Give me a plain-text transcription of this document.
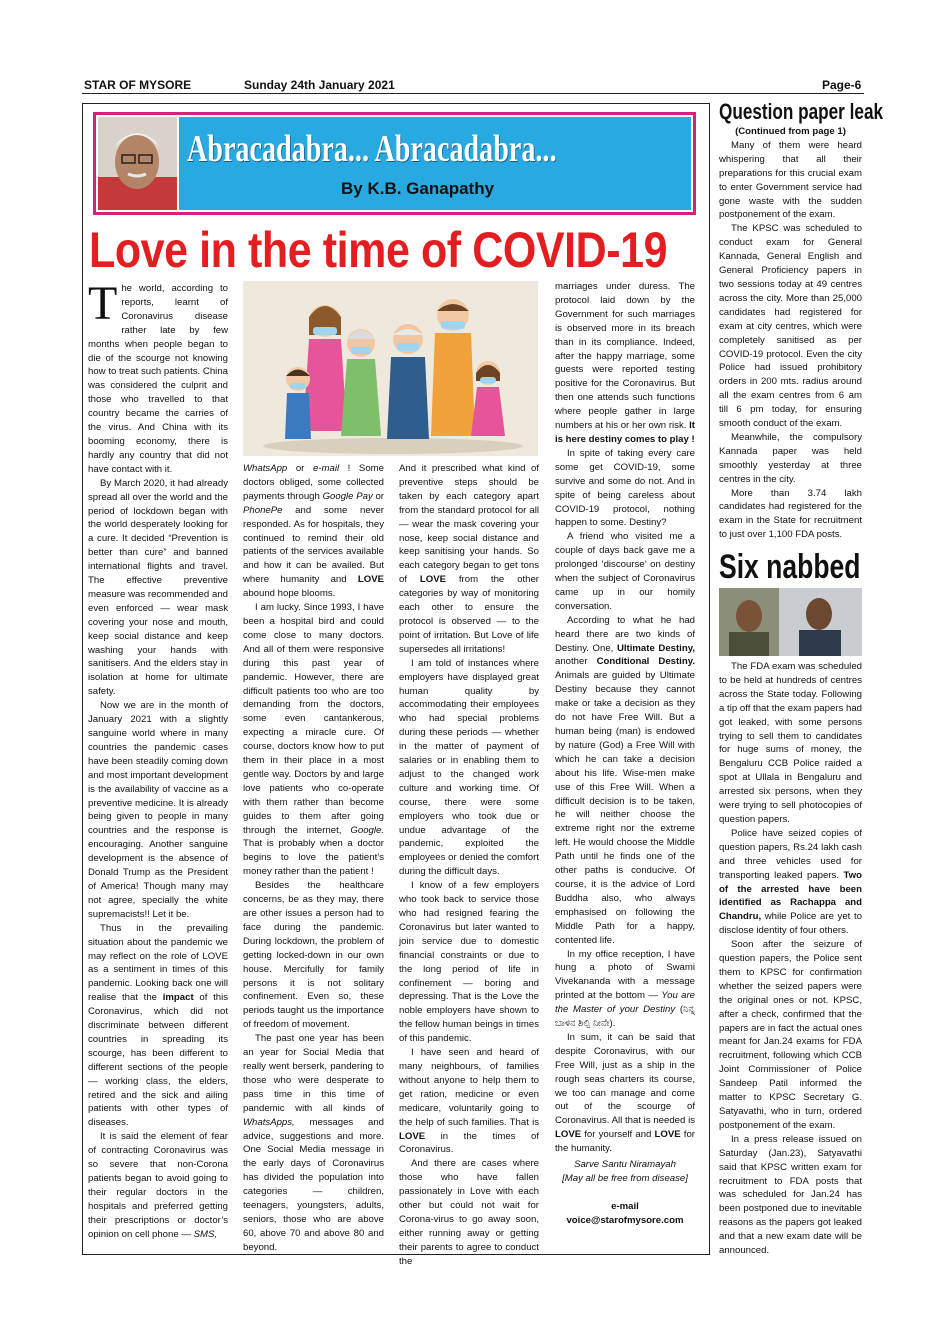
STAR OF MYSORE	Sunday 24th January 2021	Page-6
Abracadabra... Abracadabra...
By K.B. Ganapathy
Love in the time of COVID-19

The world, according to reports, learnt of Coronavirus disease rather late by few months when people began to die of the scourge not knowing how to treat such patients. China was considered the culprit and those who travelled to that country became the carries of the virus. And China with its booming economy, there is hardly any country that did not have contact with it.

By March 2020, it had already spread all over the world and the period of lockdown began with the world desperately looking for a cure. It decided “Prevention is better than cure” and banned international flights and travel. The effective preventive measure was recommended and even enforced — wear mask covering your nose and mouth, keep social distance and keep washing your hands with sanitisers. And the elders stay in isolation at home for ultimate safety.

Now we are in the month of January 2021 with a slightly sanguine world where in many countries the pandemic cases have been steadily coming down and most important development is the availability of vaccine as a preventive medicine. It is already being given to people in many countries and the response is encouraging. Another sanguine development is the absence of Donald Trump as the President of America! Though many may not agree, specially the white supremacists!! Let it be.

Thus in the prevailing situation about the pandemic we may reflect on the role of LOVE as a sentiment in times of this pandemic. Looking back one will realise that the impact of this Coronavirus, which did not discriminate between different countries in spreading its scourge, has been different to different sections of the people — working class, the elders, retired and the sick and ailing patients with other types of diseases.

It is said the element of fear of contracting Coronavirus was so severe that non-Corona patients began to avoid going to their regular doctors in the hospitals and preferred getting their prescriptions or doctor’s opinion on cell phone — SMS,

WhatsApp or e-mail ! Some doctors obliged, some collected payments through Google Pay or PhonePe and some never responded. As for hospitals, they continued to remind their old patients of the services available and how it can be availed. But where humanity and LOVE abound hope blooms.

I am lucky. Since 1993, I have been a hospital bird and could come close to many doctors. And all of them were responsive during this past year of pandemic. However, there are difficult patients too who are too demanding from the doctors, some even cantankerous, expecting a miracle cure. Of course, doctors know how to put them in their place in a most gentle way. Doctors by and large love patients who co-operate with them rather than become guides to them after going through the internet, Google. That is probably when a doctor begins to love the patient’s money rather than the patient !

Besides the healthcare concerns, be as they may, there are other issues a person had to face during the pandemic. During lockdown, the problem of getting locked-down in our own house. Mercifully for family persons it is not solitary confinement. Even so, these periods taught us the importance of freedom of movement.

The past one year has been an year for Social Media that really went berserk, pandering to those who were desperate to pass time in this time of pandemic with all kinds of WhatsApps, messages and advice, suggestions and more. One Social Media message in the early days of Coronavirus has divided the population into categories — children, teenagers, youngsters, adults, seniors, those who are above 60, above 70 and above 80 and beyond.

And it prescribed what kind of preventive steps should be taken by each category apart from the standard protocol for all — wear the mask covering your nose, keep social distance and keep sanitising your hands. So each category began to get tons of LOVE from the other categories by way of monitoring each other to ensure the protocol is observed — to the point of irritation. But Love of life supersedes all irritations!

I am told of instances where employers have displayed great human quality by accommodating their employees who had special problems during these periods — whether in the matter of payment of salaries or in enabling them to adjust to the changed work culture and working time. Of course, there were some employers who took due or undue advantage of the pandemic, exploited the employees or denied the comfort during the difficult days.

I know of a few employers who took back to service those who had resigned fearing the Coronavirus but later wanted to join service due to domestic financial constraints or due to the long period of life in confinement — boring and depressing. That is the Love the noble employers have shown to the fellow human beings in times of this pandemic.

I have seen and heard of many neighbours, of families without anyone to help them to get ration, medicine or even medicare, voluntarily going to the help of such families. That is LOVE in the times of Coronavirus.

And there are cases where those who have fallen passionately in Love with each other but could not wait for Corona-virus to go away soon, either running away or getting their parents to agree to conduct the

marriages under duress. The protocol laid down by the Government for such marriages is observed more in its breach than in its compliance. Indeed, after the happy marriage, some guests were reported testing positive for the Coronavirus. But then one attends such functions where people gather in large numbers at his or her own risk. It is here destiny comes to play !

In spite of taking every care some get COVID-19, some survive and some do not. And in spite of being careless about COVID-19 protocol, nothing happen to some. Destiny?

A friend who visited me a couple of days back gave me a prolonged ‘discourse’ on destiny when the subject of Coronavirus came up in our homily conversation.

According to what he had heard there are two kinds of Destiny. One, Ultimate Destiny, another Conditional Destiny. Animals are guided by Ultimate Destiny because they cannot make or take a decision as they do not have Free Will. But a human being (man) is endowed by nature (God) a Free Will with which he can take a decision about his life. Wise-men make use of this Free Will. When a difficult decision is to be taken, he will neither choose the extreme right nor the extreme left. He would choose the Middle Path until he finds one of the other paths is conducive. Of course, it is the advice of Lord Buddha also, who always emphasised on following the Middle Path for a happy, contented life.

In my office reception, I have hung a photo of Swami Vivekananda with a message printed at the bottom — You are the Master of your Destiny (ನಿನ್ನ ಬಾಳಿನ ಶಿಲ್ಪಿ ನೀನೇ).

In sum, it can be said that despite Coronavirus, with our Free Will, just as a ship in the rough seas charters its course, we too can manage and come out of the scourge of Coronavirus. All that is needed is LOVE for yourself and LOVE for the humanity.

Sarve Santu Niramayah
[May all be free from disease]
e-mail
voice@starofmysore.com
Question paper leak
(Continued from page 1)

Many of them were heard whispering that all their preparations for this crucial exam to enter Government service had gone waste with the sudden postponement of the exam.

The KPSC was scheduled to conduct exam for General Kannada, General English and General Proficiency papers in two sessions today at 49 centres across the city. More than 25,000 candidates had registered for exam at city centres, which were completely sanitised as per COVID-19 protocol. Even the city Police had issued prohibitory orders in 200 mts. radius around all the exam centres from 6 am till 6 pm today, for ensuring smooth conduct of the exam.

Meanwhile, the compulsory Kannada paper was held smoothly yesterday at three centres in the city.

More than 3.74 lakh candidates had registered for the exam in the State for recruitment to just over 1,100 FDA posts.

Six nabbed

The FDA exam was scheduled to be held at hundreds of centres across the State today. Following a tip off that the exam papers had got leaked, with some persons trying to sell them to candidates for huge sums of money, the Bengaluru CCB Police raided a spot at Ullala in Bengaluru and arrested six persons, when they were trying to sell photocopies of question papers.

Police have seized copies of question papers, Rs.24 lakh cash and three vehicles used for transporting leaked papers. Two of the arrested have been identified as Rachappa and Chandru, while Police are yet to disclose identity of four others.

Soon after the seizure of question papers, the Police sent them to KPSC for confirmation whether the seized papers were the original ones or not. KPSC, after a check, confirmed that the papers are in fact the actual ones meant for Jan.24 exams for FDA recruitment, following which CCB Joint Commissioner of Police Sandeep Patil informed the matter to KPSC Secretary G. Satyavathi, who in turn, ordered postponement of the exam.

In a press release issued on Saturday (Jan.23), Satyavathi said that KPSC written exam for recruitment to FDA posts that was scheduled for Jan.24 has been postponed due to inevitable reasons as the papers got leaked and that a new exam date will be announced.
